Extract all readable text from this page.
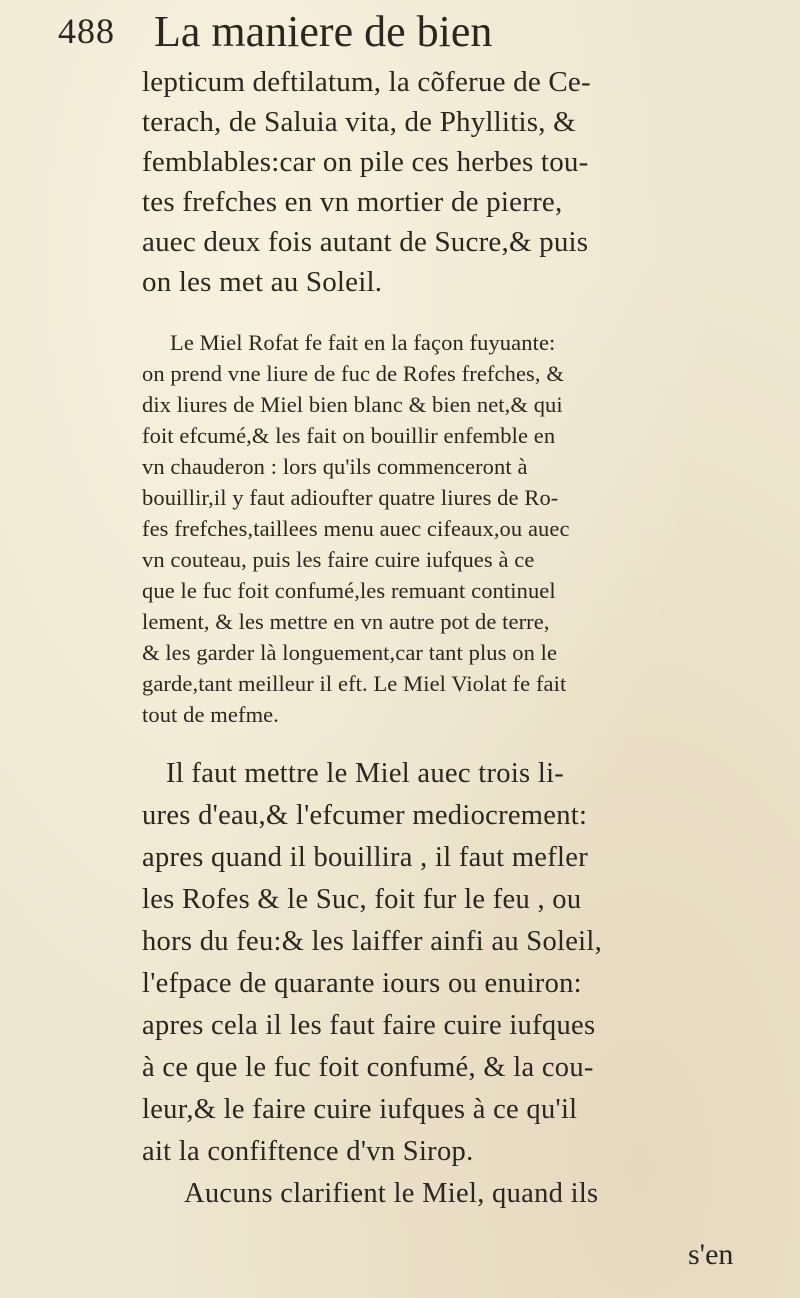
488 La maniere de bien
lepticum deftilatum, la cõferue de Ce-
terach, de Saluia vita, de Phyllitis, &
femblables:car on pile ces herbes tou-
tes frefches en vn mortier de pierre,
auec deux fois autant de Sucre,& puis
on les met au Soleil.
Le Miel Rofat fe fait en la façon fuyuante:
on prend vne liure de fuc de Rofes frefches, &
dix liures de Miel bien blanc & bien net,& qui
foit efcumé,& les fait on bouillir enfemble en
vn chauderon : lors qu'ils commenceront à
bouillir,il y faut adioufter quatre liures de Ro-
fes frefches,taillees menu auec cifeaux,ou auec
vn couteau, puis les faire cuire iufques à ce
que le fuc foit confumé,les remuant continuel
lement, & les mettre en vn autre pot de terre,
& les garder là longuement,car tant plus on le
garde,tant meilleur il eft. Le Miel Violat fe fait
tout de mefme.
Il faut mettre le Miel auec trois li-
ures d'eau,& l'efcumer mediocrement:
apres quand il bouillira , il faut mefler
les Rofes & le Suc, foit fur le feu , ou
hors du feu:& les laiffer ainfi au Soleil,
l'efpace de quarante iours ou enuiron:
apres cela il les faut faire cuire iufques
à ce que le fuc foit confumé, & la cou-
leur,& le faire cuire iufques à ce qu'il
ait la confiftence d'vn Sirop.
Aucuns clarifient le Miel, quand ils
s'en
